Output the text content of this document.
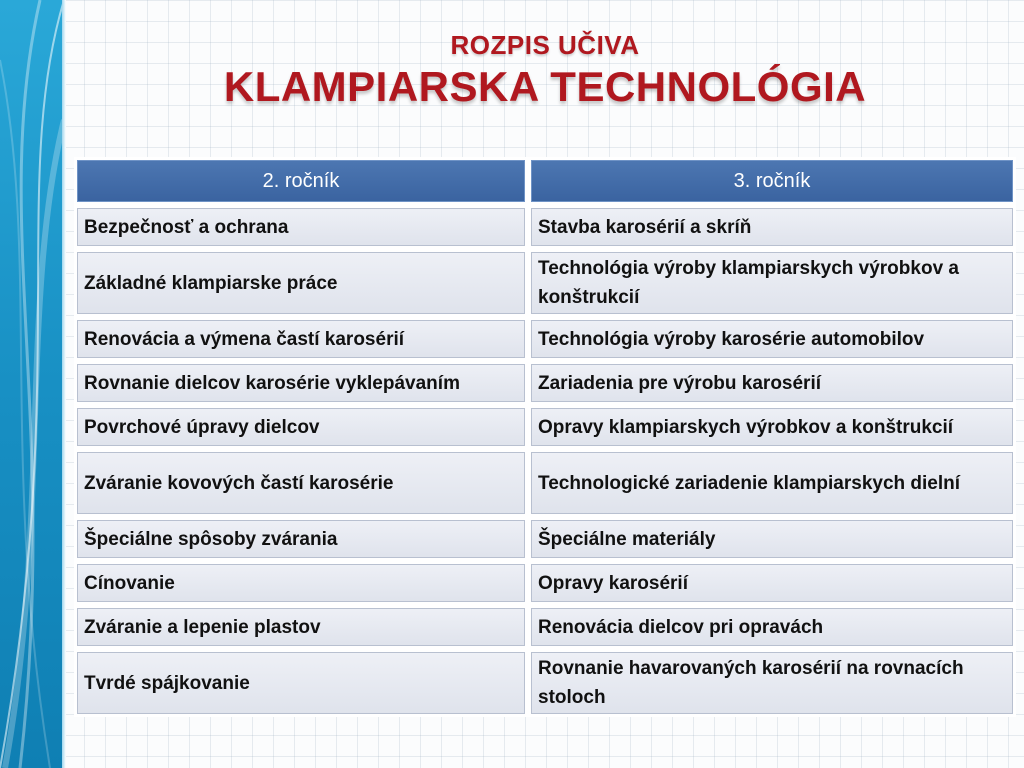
ROZPIS UČIVA
KLAMPIARSKA TECHNOLÓGIA
2. ročník	3. ročník

Bezpečnosť a ochrana	Stavba karosérií a skríň

Základné klampiarske práce	Technológia výroby klampiarskych výrobkov a konštrukcií

Renovácia a výmena častí karosérií	Technológia výroby karosérie automobilov

Rovnanie dielcov karosérie vyklepávaním	Zariadenia pre výrobu karosérií

Povrchové úpravy dielcov	Opravy klampiarskych výrobkov a konštrukcií

Zváranie kovových častí karosérie	Technologické zariadenie klampiarskych dielní

Špeciálne spôsoby zvárania	Špeciálne materiály

Cínovanie	Opravy karosérií

Zváranie a lepenie plastov	Renovácia dielcov pri opravách

Tvrdé spájkovanie	Rovnanie havarovaných karosérií na rovnacích stoloch
